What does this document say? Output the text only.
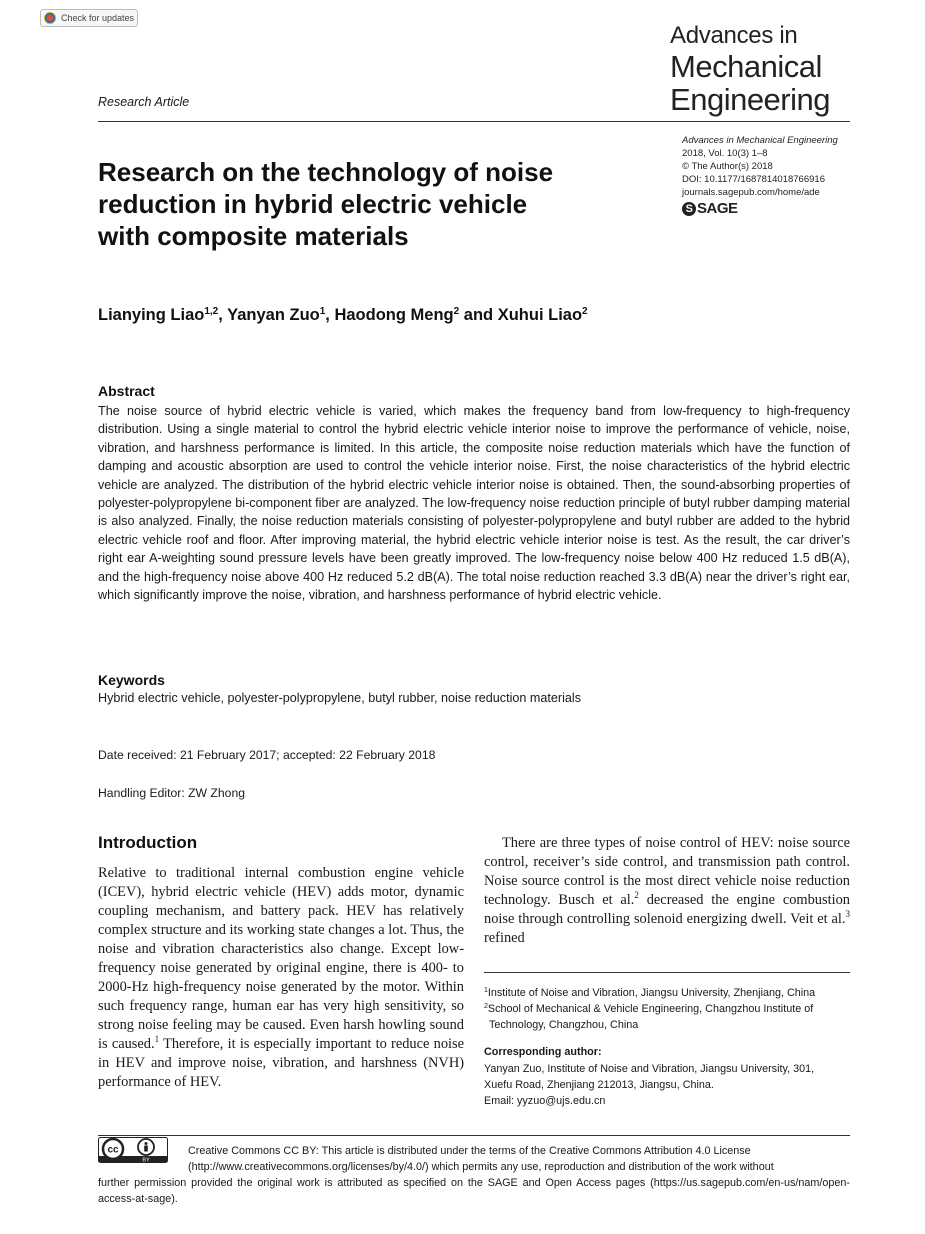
Check for updates
Advances in
Mechanical
Engineering
Research Article
Advances in Mechanical Engineering
2018, Vol. 10(3) 1–8
© The Author(s) 2018
DOI: 10.1177/1687814018766916
journals.sagepub.com/home/ade
S SAGE
Research on the technology of noise reduction in hybrid electric vehicle with composite materials
Lianying Liao$^{1,2}$, Yanyan Zuo$^1$, Haodong Meng$^2$ and Xuhui Liao$^2$
Abstract
The noise source of hybrid electric vehicle is varied, which makes the frequency band from low-frequency to high-frequency distribution. Using a single material to control the hybrid electric vehicle interior noise to improve the performance of vehicle, noise, vibration, and harshness performance is limited. In this article, the composite noise reduction materials which have the function of damping and acoustic absorption are used to control the vehicle interior noise. First, the noise characteristics of the hybrid electric vehicle are analyzed. The distribution of the hybrid electric vehicle interior noise is obtained. Then, the sound-absorbing properties of polyester-polypropylene bi-component fiber are analyzed. The low-frequency noise reduction principle of butyl rubber damping material is also analyzed. Finally, the noise reduction materials consisting of polyester-polypropylene and butyl rubber are added to the hybrid electric vehicle roof and floor. After improving material, the hybrid electric vehicle interior noise is test. As the result, the car driver’s right ear A-weighting sound pressure levels have been greatly improved. The low-frequency noise below 400 Hz reduced 1.5 dB(A), and the high-frequency noise above 400 Hz reduced 5.2 dB(A). The total noise reduction reached 3.3 dB(A) near the driver’s right ear, which significantly improve the noise, vibration, and harshness performance of hybrid electric vehicle.
Keywords
Hybrid electric vehicle, polyester-polypropylene, butyl rubber, noise reduction materials
Date received: 21 February 2017; accepted: 22 February 2018
Handling Editor: ZW Zhong
Introduction
Relative to traditional internal combustion engine vehicle (ICEV), hybrid electric vehicle (HEV) adds motor, dynamic coupling mechanism, and battery pack. HEV has relatively complex structure and its working state changes a lot. Thus, the noise and vibration characteristics also change. Except low-frequency noise generated by original engine, there is 400- to 2000-Hz high-frequency noise generated by the motor. Within such frequency range, human ear has very high sensitivity, so strong noise feeling may be caused. Even harsh howling sound is caused.$^1$ Therefore, it is especially important to reduce noise in HEV and improve noise, vibration, and harshness (NVH) performance of HEV.
There are three types of noise control of HEV: noise source control, receiver’s side control, and transmission path control. Noise source control is the most direct vehicle noise reduction technology. Busch et al.$^2$ decreased the engine combustion noise through controlling solenoid energizing dwell. Veit et al.$^3$ refined
$^1$Institute of Noise and Vibration, Jiangsu University, Zhenjiang, China
$^2$School of Mechanical & Vehicle Engineering, Changzhou Institute of
Technology, Changzhou, China
Corresponding author:
Yanyan Zuo, Institute of Noise and Vibration, Jiangsu University, 301,
Xuefu Road, Zhenjiang 212013, Jiangsu, China.
Email: yyzuo@ujs.edu.cn
cc
BY
Creative Commons CC BY: This article is distributed under the terms of the Creative Commons Attribution 4.0 License
(http://www.creativecommons.org/licenses/by/4.0/) which permits any use, reproduction and distribution of the work without
further permission provided the original work is attributed as specified on the SAGE and Open Access pages (https://us.sagepub.com/en-us/nam/open-access-at-sage).
